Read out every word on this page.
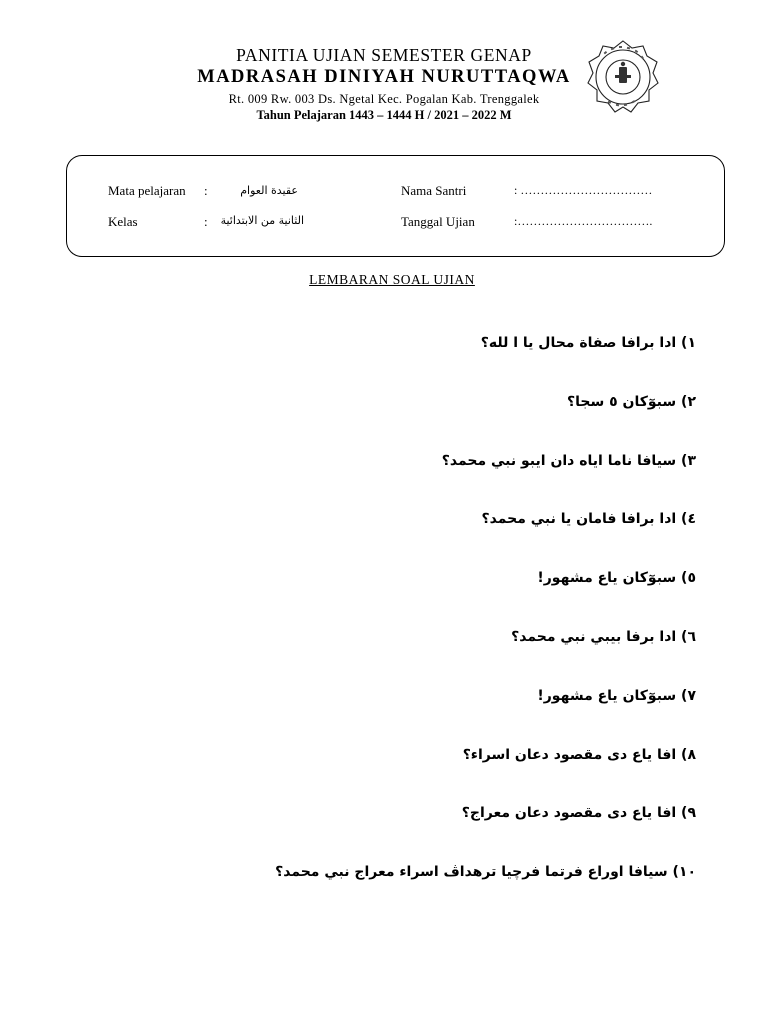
PANITIA UJIAN SEMESTER GENAP
MADRASAH DINIYAH NURUTTAQWA
Rt. 009 Rw. 003 Ds. Ngetal Kec. Pogalan Kab. Trenggalek
Tahun Pelajaran 1443 – 1444 H / 2021 – 2022 M
Mata pelajaran :	عقيدة العوام
Kelas	:	الثانية من الابتدائية
Nama Santri	: ……………………………
Tanggal Ujian	:…………………………….
LEMBARAN SOAL UJIAN
١) ادا برافا صفاة محال يا ا لله؟
٢) سبوٓكان ٥ سجا؟
٣) سيافا ناما اياه دان ايبو نبي محمد؟
٤) ادا برافا فامان يا نبي محمد؟
٥) سبوٓكان ياع مشهور!
٦) ادا برفا بيبي نبي محمد؟
٧) سبوٓكان ياع مشهور!
٨) افا ياع دى مقصود دعان اسراء؟
٩) افا ياع دى مقصود دعان معراج؟
١٠) سيافا اوراع فرتما فرچيا ترهداڤ اسراء معراج نبي محمد؟
